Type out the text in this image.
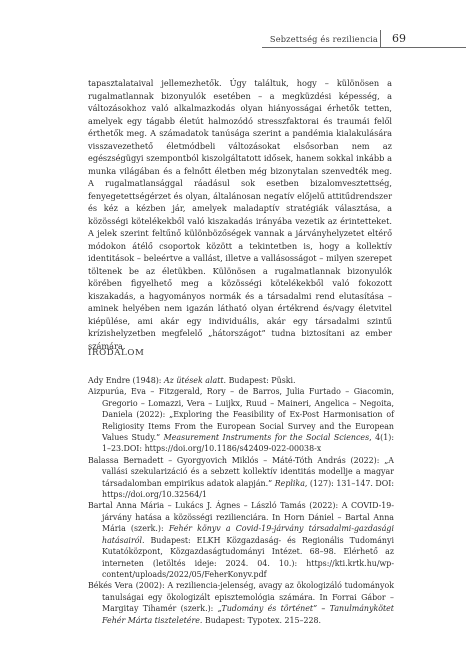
Sebzettség és reziliencia 69

tapasztalataival jellemezhetők. Úgy találtuk, hogy – különösen a rugalmatlannak bizonyulók esetében – a megküzdési képesség, a változásokhoz való alkalmazkodás olyan hiányosságai érhetők tetten, amelyek egy tágabb életút halmozódó stresszfaktorai és traumái felől érthetők meg. A számadatok tanúsága szerint a pandémia kialakulására visszavezethető életmódbeli változásokat elsősorban nem az egészségügyi szempontból kiszolgáltatott idősek, hanem sokkal inkább a munka világában és a felnőtt életben még bizonytalan szenvedték meg. A rugalmatlansággal ráadásul sok esetben bizalomvesztettség, fenyegetettségérzet és olyan, általánosan negatív előjelű attitűdrendszer és kéz a kézben jár, amelyek maladaptív stratégiák választása, a közösségi kötelékekből való kiszakadás irányába vezetik az érintetteket. A jelek szerint feltűnő különbözőségek vannak a járványhelyzetet eltérő módokon átélő csoportok között a tekintetben is, hogy a kollektív identitások – beleértve a vallást, illetve a vallásosságot – milyen szerepet töltenek be az életükben. Különösen a rugalmatlannak bizonyulók körében figyelhető meg a közösségi kötelékekből való fokozott kiszakadás, a hagyományos normák és a társadalmi rend elutasítása – aminek helyében nem igazán látható olyan értékrend és/vagy életvitel kiépülése, ami akár egy individuális, akár egy társadalmi szintű krízishelyzetben megfelelő „hátországot” tudna biztosítani az ember számára.

IRODALOM
Ady Endre (1948): Az ütések alatt. Budapest: Püski.
Aizpurúa, Eva – Fitzgerald, Rory – de Barros, Julia Furtado – Giacomin, Gregorio – Lomazzi, Vera – Luijkx, Ruud – Maineri, Angelica – Negoita, Daniela (2022): „Exploring the Feasibility of Ex-Post Harmonisation of Religiosity Items From the European Social Survey and the European Values Study.” Measurement Instruments for the Social Sciences, 4(1): 1–23.DOI: https://doi.org/10.1186/s42409-022-00038-x
Balassa Bernadett – Gyorgyovich Miklós – Máté-Tóth András (2022): „A vallási szekularizáció és a sebzett kollektív identitás modellje a magyar társadalomban empirikus adatok alapján.” Replika, (127): 131–147. DOI: https://doi.org/10.32564/1
Bartal Anna Mária – Lukács J. Ágnes – László Tamás (2022): A COVID-19-járvány hatása a közösségi rezilienciára. In Horn Dániel – Bartal Anna Mária (szerk.): Fehér könyv a Covid-19-járvány társadalmi-gazdasági hatásairól. Budapest: ELKH Közgazdaság- és Regionális Tudományi Kutatóközpont, Közgazdaságtudományi Intézet. 68–98. Elérhető az interneten (letöltés ideje: 2024. 04. 10.): https://kti.krtk.hu/wp-content/uploads/2022/05/FeherKonyv.pdf
Békés Vera (2002): A reziliencia-jelenség, avagy az ökologizáló tudományok tanulságai egy ökologizált episztemológia számára. In Forrai Gábor – Margitay Tihamér (szerk.): „Tudomány és történet” – Tanulmánykötet Fehér Márta tiszteletére. Budapest: Typotex. 215–228.
